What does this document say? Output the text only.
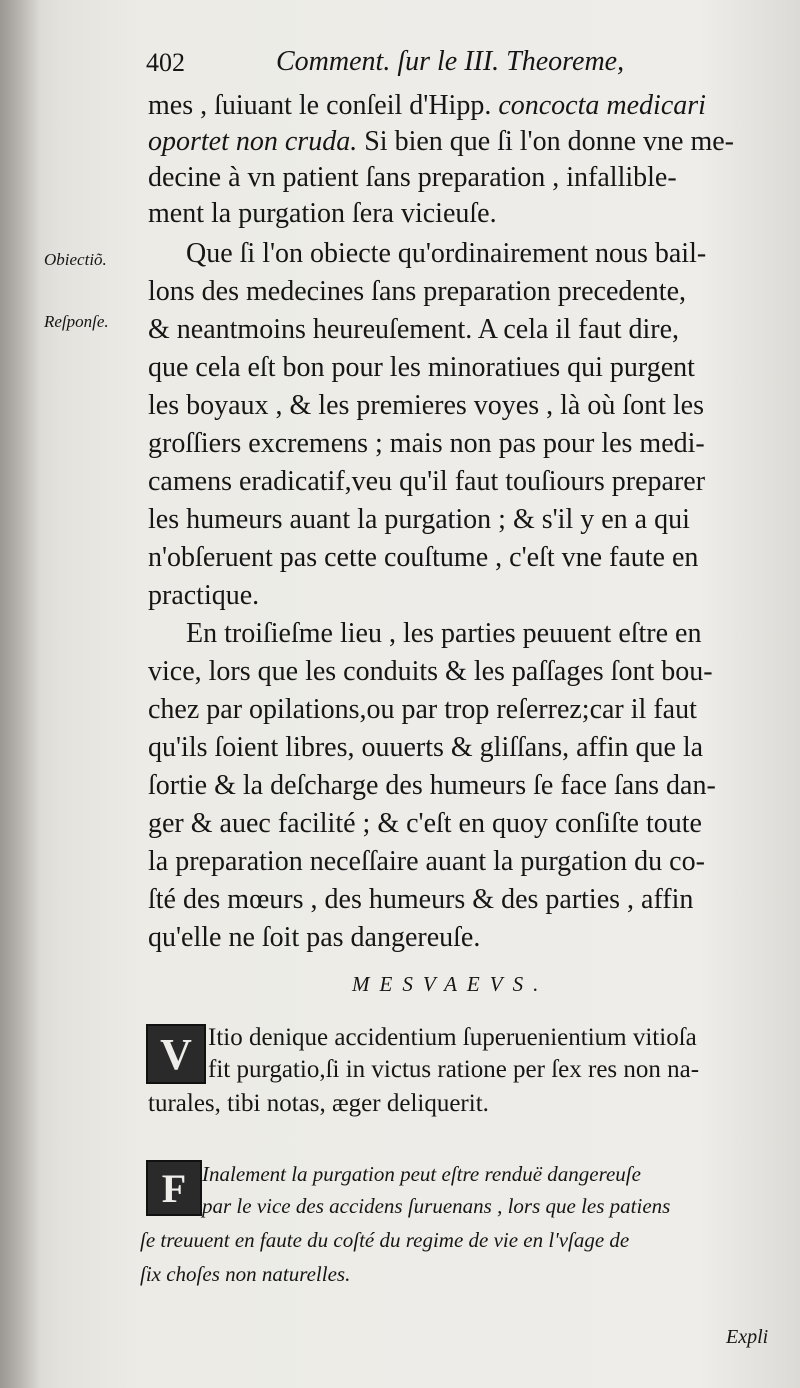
402	Comment. ſur le III. Theoreme,
Obiectiõ.
Reſponſe.
mes , ſuiuant le conſeil d'Hipp. concocta medicari
oportet non cruda. Si bien que ſi l'on donne vne me-
decine à vn patient ſans preparation , infallible-
ment la purgation ſera vicieuſe.
Que ſi l'on obiecte qu'ordinairement nous bail-
lons des medecines ſans preparation precedente,
& neantmoins heureuſement. A cela il faut dire,
que cela eſt bon pour les minoratiues qui purgent
les boyaux , & les premieres voyes , là où ſont les
groſſiers excremens ; mais non pas pour les medi-
camens eradicatif,veu qu'il faut touſiours preparer
les humeurs auant la purgation ; & s'il y en a qui
n'obſeruent pas cette couſtume , c'eſt vne faute en
practique.
En troiſieſme lieu , les parties peuuent eſtre en
vice, lors que les conduits & les paſſages ſont bou-
chez par opilations,ou par trop reſerrez;car il faut
qu'ils ſoient libres, ouuerts & gliſſans, affin que la
ſortie & la deſcharge des humeurs ſe face ſans dan-
ger & auec facilité ; & c'eſt en quoy conſiſte toute
la preparation neceſſaire auant la purgation du co-
ſté des mœurs , des humeurs & des parties , affin
qu'elle ne ſoit pas dangereuſe.
MESVAEVS.
V Itio denique accidentium ſuperuenientium vitioſa
fit purgatio,ſi in victus ratione per ſex res non na-
turales, tibi notas, æger deliquerit.
F Inalement la purgation peut eſtre renduë dangereuſe
par le vice des accidens ſuruenans , lors que les patiens
ſe treuuent en faute du coſté du regime de vie en l'vſage de
ſix choſes non naturelles.
Expli
